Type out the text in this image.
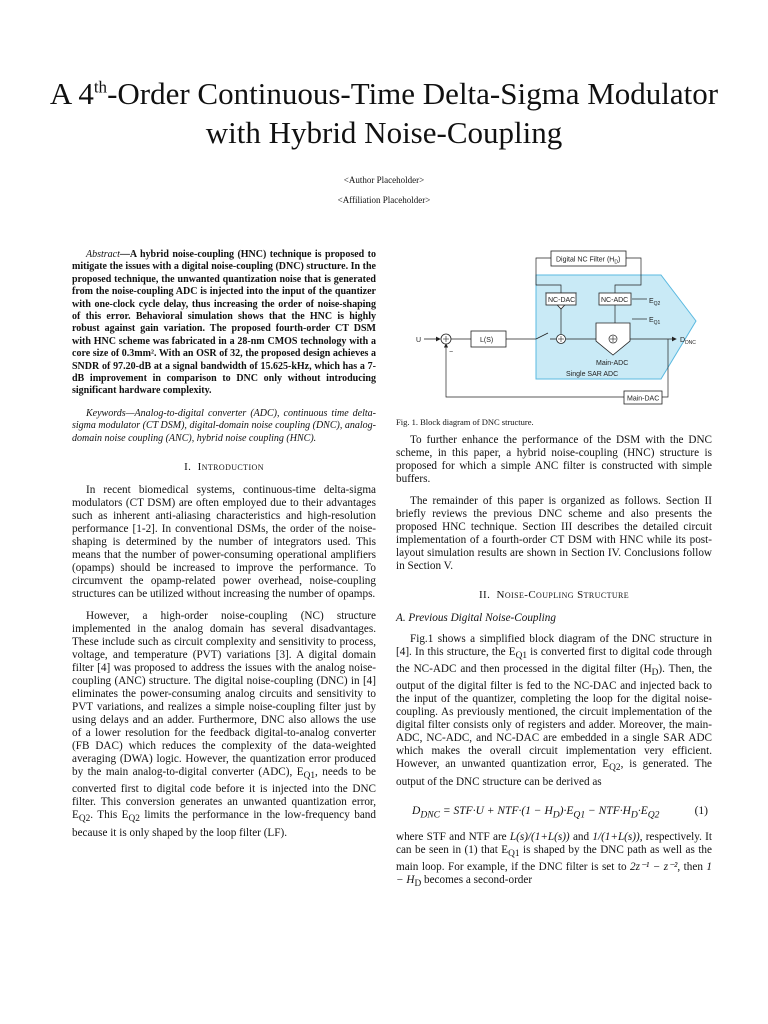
A 4th-Order Continuous-Time Delta-Sigma Modulator
with Hybrid Noise-Coupling
<Author Placeholder>
<Affiliation Placeholder>

Abstract—A hybrid noise-coupling (HNC) technique is proposed to mitigate the issues with a digital noise-coupling (DNC) structure. In the proposed technique, the unwanted quantization noise that is generated from the noise-coupling ADC is injected into the input of the quantizer with one-clock cycle delay, thus increasing the order of noise-shaping of this error. Behavioral simulation shows that the HNC is highly robust against gain variation. The proposed fourth-order CT DSM with HNC scheme was fabricated in a 28-nm CMOS technology with a core size of 0.3mm². With an OSR of 32, the proposed design achieves a SNDR of 97.20-dB at a signal bandwidth of 15.625-kHz, which has a 7-dB improvement in comparison to DNC only without introducing significant hardware complexity.

Keywords—Analog-to-digital converter (ADC), continuous time delta-sigma modulator (CT DSM), digital-domain noise coupling (DNC), analog-domain noise coupling (ANC), hybrid noise coupling (HNC).

I. Introduction

In recent biomedical systems, continuous-time delta-sigma modulators (CT DSM) are often employed due to their advantages such as inherent anti-aliasing characteristics and high-resolution performance [1-2]. In conventional DSMs, the order of the noise-shaping is determined by the number of integrators used. This means that the number of power-consuming operational amplifiers (opamps) should be increased to improve the performance. To circumvent the opamp-related power overhead, noise-coupling structures can be utilized without increasing the number of opamps.

However, a high-order noise-coupling (NC) structure implemented in the analog domain has several disadvantages. These include such as circuit complexity and sensitivity to process, voltage, and temperature (PVT) variations [3]. A digital domain filter [4] was proposed to address the issues with the analog noise-coupling (ANC) structure. The digital noise-coupling (DNC) in [4] eliminates the power-consuming analog circuits and sensitivity to PVT variations, and realizes a simple noise-coupling filter just by using delays and an adder. Furthermore, DNC also allows the use of a lower resolution for the feedback digital-to-analog converter (FB DAC) which reduces the complexity of the data-weighted averaging (DWA) logic. However, the quantization error produced by the main analog-to-digital converter (ADC), $E_{Q1}$, needs to be converted first to digital code before it is injected into the DNC filter. This conversion generates an unwanted quantization error, $E_{Q2}$. This $E_{Q2}$ limits the performance in the low-frequency band because it is only shaped by the loop filter (LF).

Digital NC Filter $(H_D)$
NC-DAC	NC-ADC	$E_{Q2}$
$E_{Q1}$
U
−
L(S)
Main-ADC
$D_{DNC}$
Single SAR ADC
Main-DAC
Fig. 1. Block diagram of DNC structure.

To further enhance the performance of the DSM with the DNC scheme, in this paper, a hybrid noise-coupling (HNC) structure is proposed for which a simple ANC filter is constructed with simple buffers.

The remainder of this paper is organized as follows. Section II briefly reviews the previous DNC scheme and also presents the proposed HNC technique. Section III describes the detailed circuit implementation of a fourth-order CT DSM with HNC while its post-layout simulation results are shown in Section IV. Conclusions follow in Section V.

II. Noise-Coupling Structure

A. Previous Digital Noise-Coupling

Fig.1 shows a simplified block diagram of the DNC structure in [4]. In this structure, the $E_{Q1}$ is converted first to digital code through the NC-ADC and then processed in the digital filter $(H_D)$. Then, the output of the digital filter is fed to the NC-DAC and injected back to the input of the quantizer, completing the loop for the digital noise-coupling. As previously mentioned, the circuit implementation of the digital filter consists only of registers and adder. Moreover, the main-ADC, NC-ADC, and NC-DAC are embedded in a single SAR ADC which makes the overall circuit implementation very efficient. However, an unwanted quantization error, $E_{Q2}$, is generated. The output of the DNC structure can be derived as

$D_{DNC} = STF\cdot U + NTF\cdot(1 - H_D)\cdot E_{Q1} - NTF\cdot H_D\cdot E_{Q2}$	(1)

where STF and NTF are L(s)/(1+L(s)) and 1/(1+L(s)), respectively. It can be seen in (1) that $E_{Q1}$ is shaped by the DNC path as well as the main loop. For example, if the DNC filter is set to 2z⁻¹ − z⁻², then $1 - H_D$ becomes a second-order
